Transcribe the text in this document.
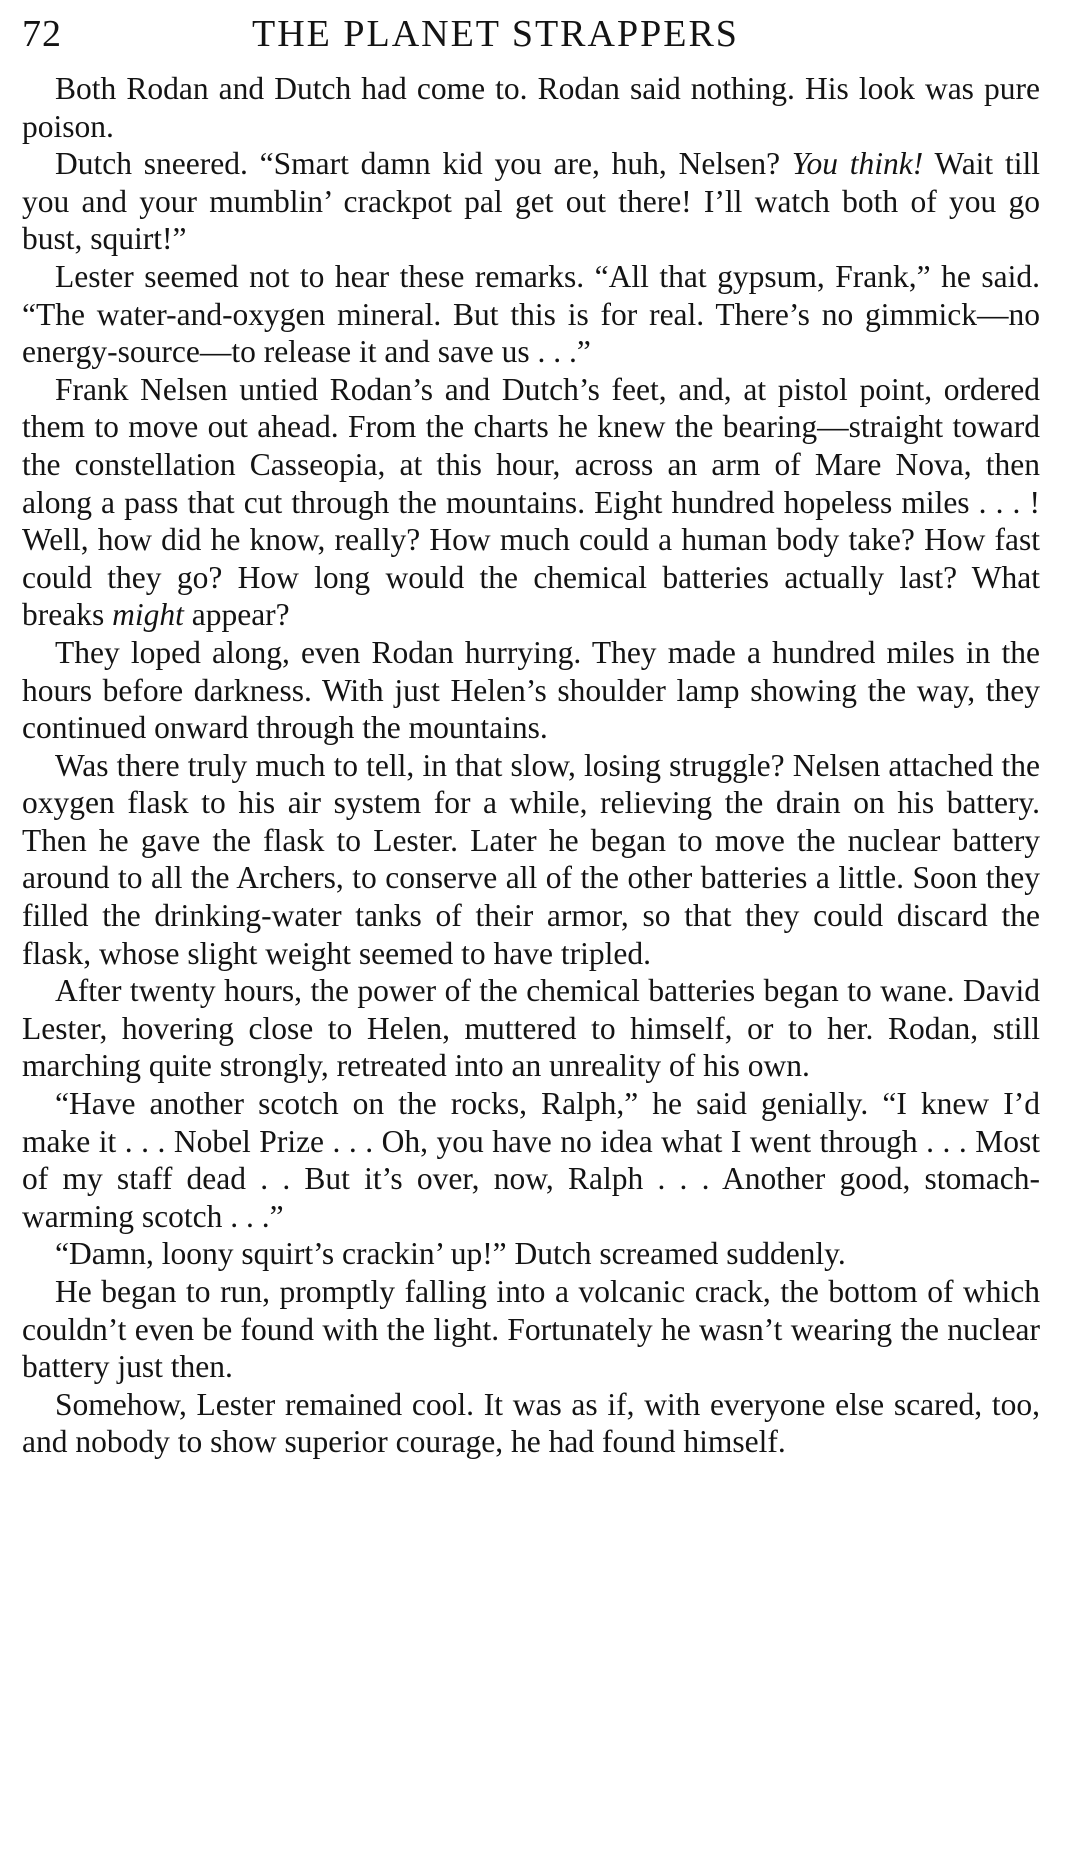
72	THE PLANET STRAPPERS

Both Rodan and Dutch had come to. Rodan said nothing. His look was pure poison.

Dutch sneered. “Smart damn kid you are, huh, Nelsen? You think! Wait till you and your mumblin’ crackpot pal get out there! I’ll watch both of you go bust, squirt!”

Lester seemed not to hear these remarks. “All that gypsum, Frank,” he said. “The water-and-oxygen mineral. But this is for real. There’s no gimmick—no energy-source—to release it and save us . . .”

Frank Nelsen untied Rodan’s and Dutch’s feet, and, at pistol point, ordered them to move out ahead. From the charts he knew the bearing—straight toward the constellation Casseopia, at this hour, across an arm of Mare Nova, then along a pass that cut through the mountains. Eight hundred hopeless miles . . . ! Well, how did he know, really? How much could a human body take? How fast could they go? How long would the chemical batteries actually last? What breaks might appear?

They loped along, even Rodan hurrying. They made a hundred miles in the hours before darkness. With just Helen’s shoulder lamp showing the way, they continued onward through the mountains.

Was there truly much to tell, in that slow, losing struggle? Nelsen attached the oxygen flask to his air system for a while, relieving the drain on his battery. Then he gave the flask to Lester. Later he began to move the nuclear battery around to all the Archers, to conserve all of the other batteries a little. Soon they filled the drinking-water tanks of their armor, so that they could discard the flask, whose slight weight seemed to have tripled.

After twenty hours, the power of the chemical batteries began to wane. David Lester, hovering close to Helen, muttered to himself, or to her. Rodan, still marching quite strongly, retreated into an unreality of his own.

“Have another scotch on the rocks, Ralph,” he said genially. “I knew I’d make it . . . Nobel Prize . . . Oh, you have no idea what I went through . . . Most of my staff dead . . But it’s over, now, Ralph . . . Another good, stomach-warming scotch . . .”

“Damn, loony squirt’s crackin’ up!” Dutch screamed suddenly.

He began to run, promptly falling into a volcanic crack, the bottom of which couldn’t even be found with the light. Fortunately he wasn’t wearing the nuclear battery just then.

Somehow, Lester remained cool. It was as if, with everyone else scared, too, and nobody to show superior courage, he had found himself.
